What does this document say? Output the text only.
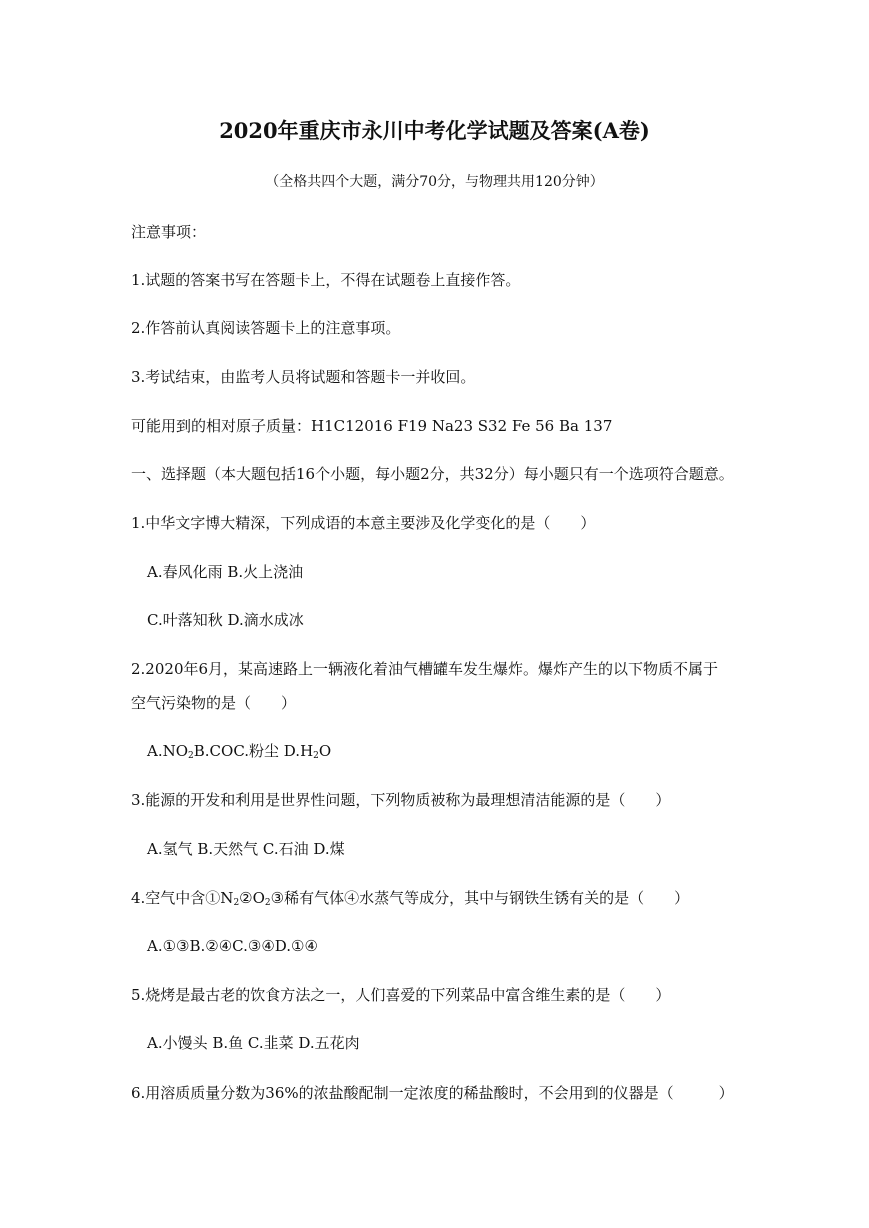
2020年重庆市永川中考化学试题及答案(A卷)
（全格共四个大题，满分70分，与物理共用120分钟）
注意事项：
1.试题的答案书写在答题卡上，不得在试题卷上直接作答。
2.作答前认真阅读答题卡上的注意事项。
3.考试结束，由监考人员将试题和答题卡一并收回。
可能用到的相对原子质量：H1C12016 F19 Na23 S32 Fe 56 Ba 137
一、选择题（本大题包括16个小题，每小题2分，共32分）每小题只有一个选项符合题意。
1.中华文字博大精深，下列成语的本意主要涉及化学变化的是（　　）
A.春风化雨 B.火上浇油
C.叶落知秋 D.滴水成冰
2.2020年6月，某高速路上一辆液化着油气槽罐车发生爆炸。爆炸产生的以下物质不属于
空气污染物的是（　　）
$A.NO_2B.COC$.粉尘 $D.H_2O$
3.能源的开发和利用是世界性问题，下列物质被称为最理想清洁能源的是（　　）
A.氢气 B.天然气 C.石油 D.煤
4.空气中含$①N_2②O_2③$稀有气体④水蒸气等成分，其中与钢铁生锈有关的是（　　）
A.①③B.②④C.③④D.①④
5.烧烤是最古老的饮食方法之一，人们喜爱的下列菜品中富含维生素的是（　　）
A.小馒头 B.鱼 C.韭菜 D.五花肉
6.用溶质质量分数为36%的浓盐酸配制一定浓度的稀盐酸时，不会用到的仪器是（　　　）
